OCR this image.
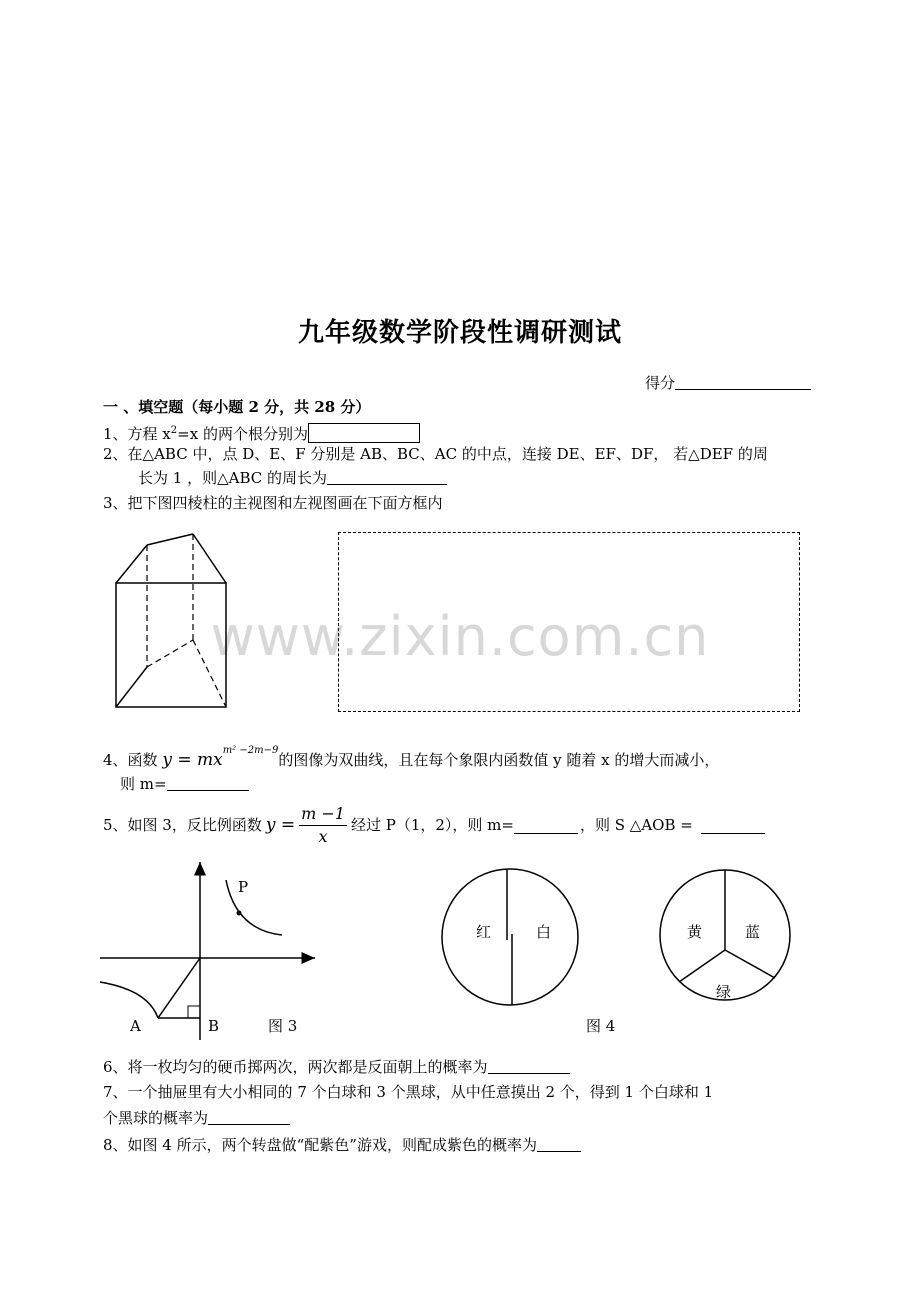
www.zixin.com.cn
九年级数学阶段性调研测试
得分
一 、填空题（每小题 2 分，共 28 分）
1、方程 $x^2=x$ 的两个根分别为
2、在△ABC 中，点 D、E、F 分别是 AB、BC、AC 的中点，连接 DE、EF、DF， 若△DEF 的周
长为 1 ，则△ABC 的周长为
3、把下图四棱柱的主视图和左视图画在下面方框内
4、函数 $y = mx^{m^2 -2m-9}$的图像为双曲线，且在每个象限内函数值 y 随着 x 的增大而减小，
则 m=
5、如图 3，反比例函数 $y = \frac{m -1}{x}$ 经过 P（1，2），则 m=	，则 S △AOB =
P
A	B	图 3
红	白	黄	蓝
绿
图 4
6、将一枚均匀的硬币掷两次，两次都是反面朝上的概率为
7、一个抽屉里有大小相同的 7 个白球和 3 个黑球，从中任意摸出 2 个，得到 1 个白球和 1
个黑球的概率为
8、如图 4 所示，两个转盘做“配紫色”游戏，则配成紫色的概率为
